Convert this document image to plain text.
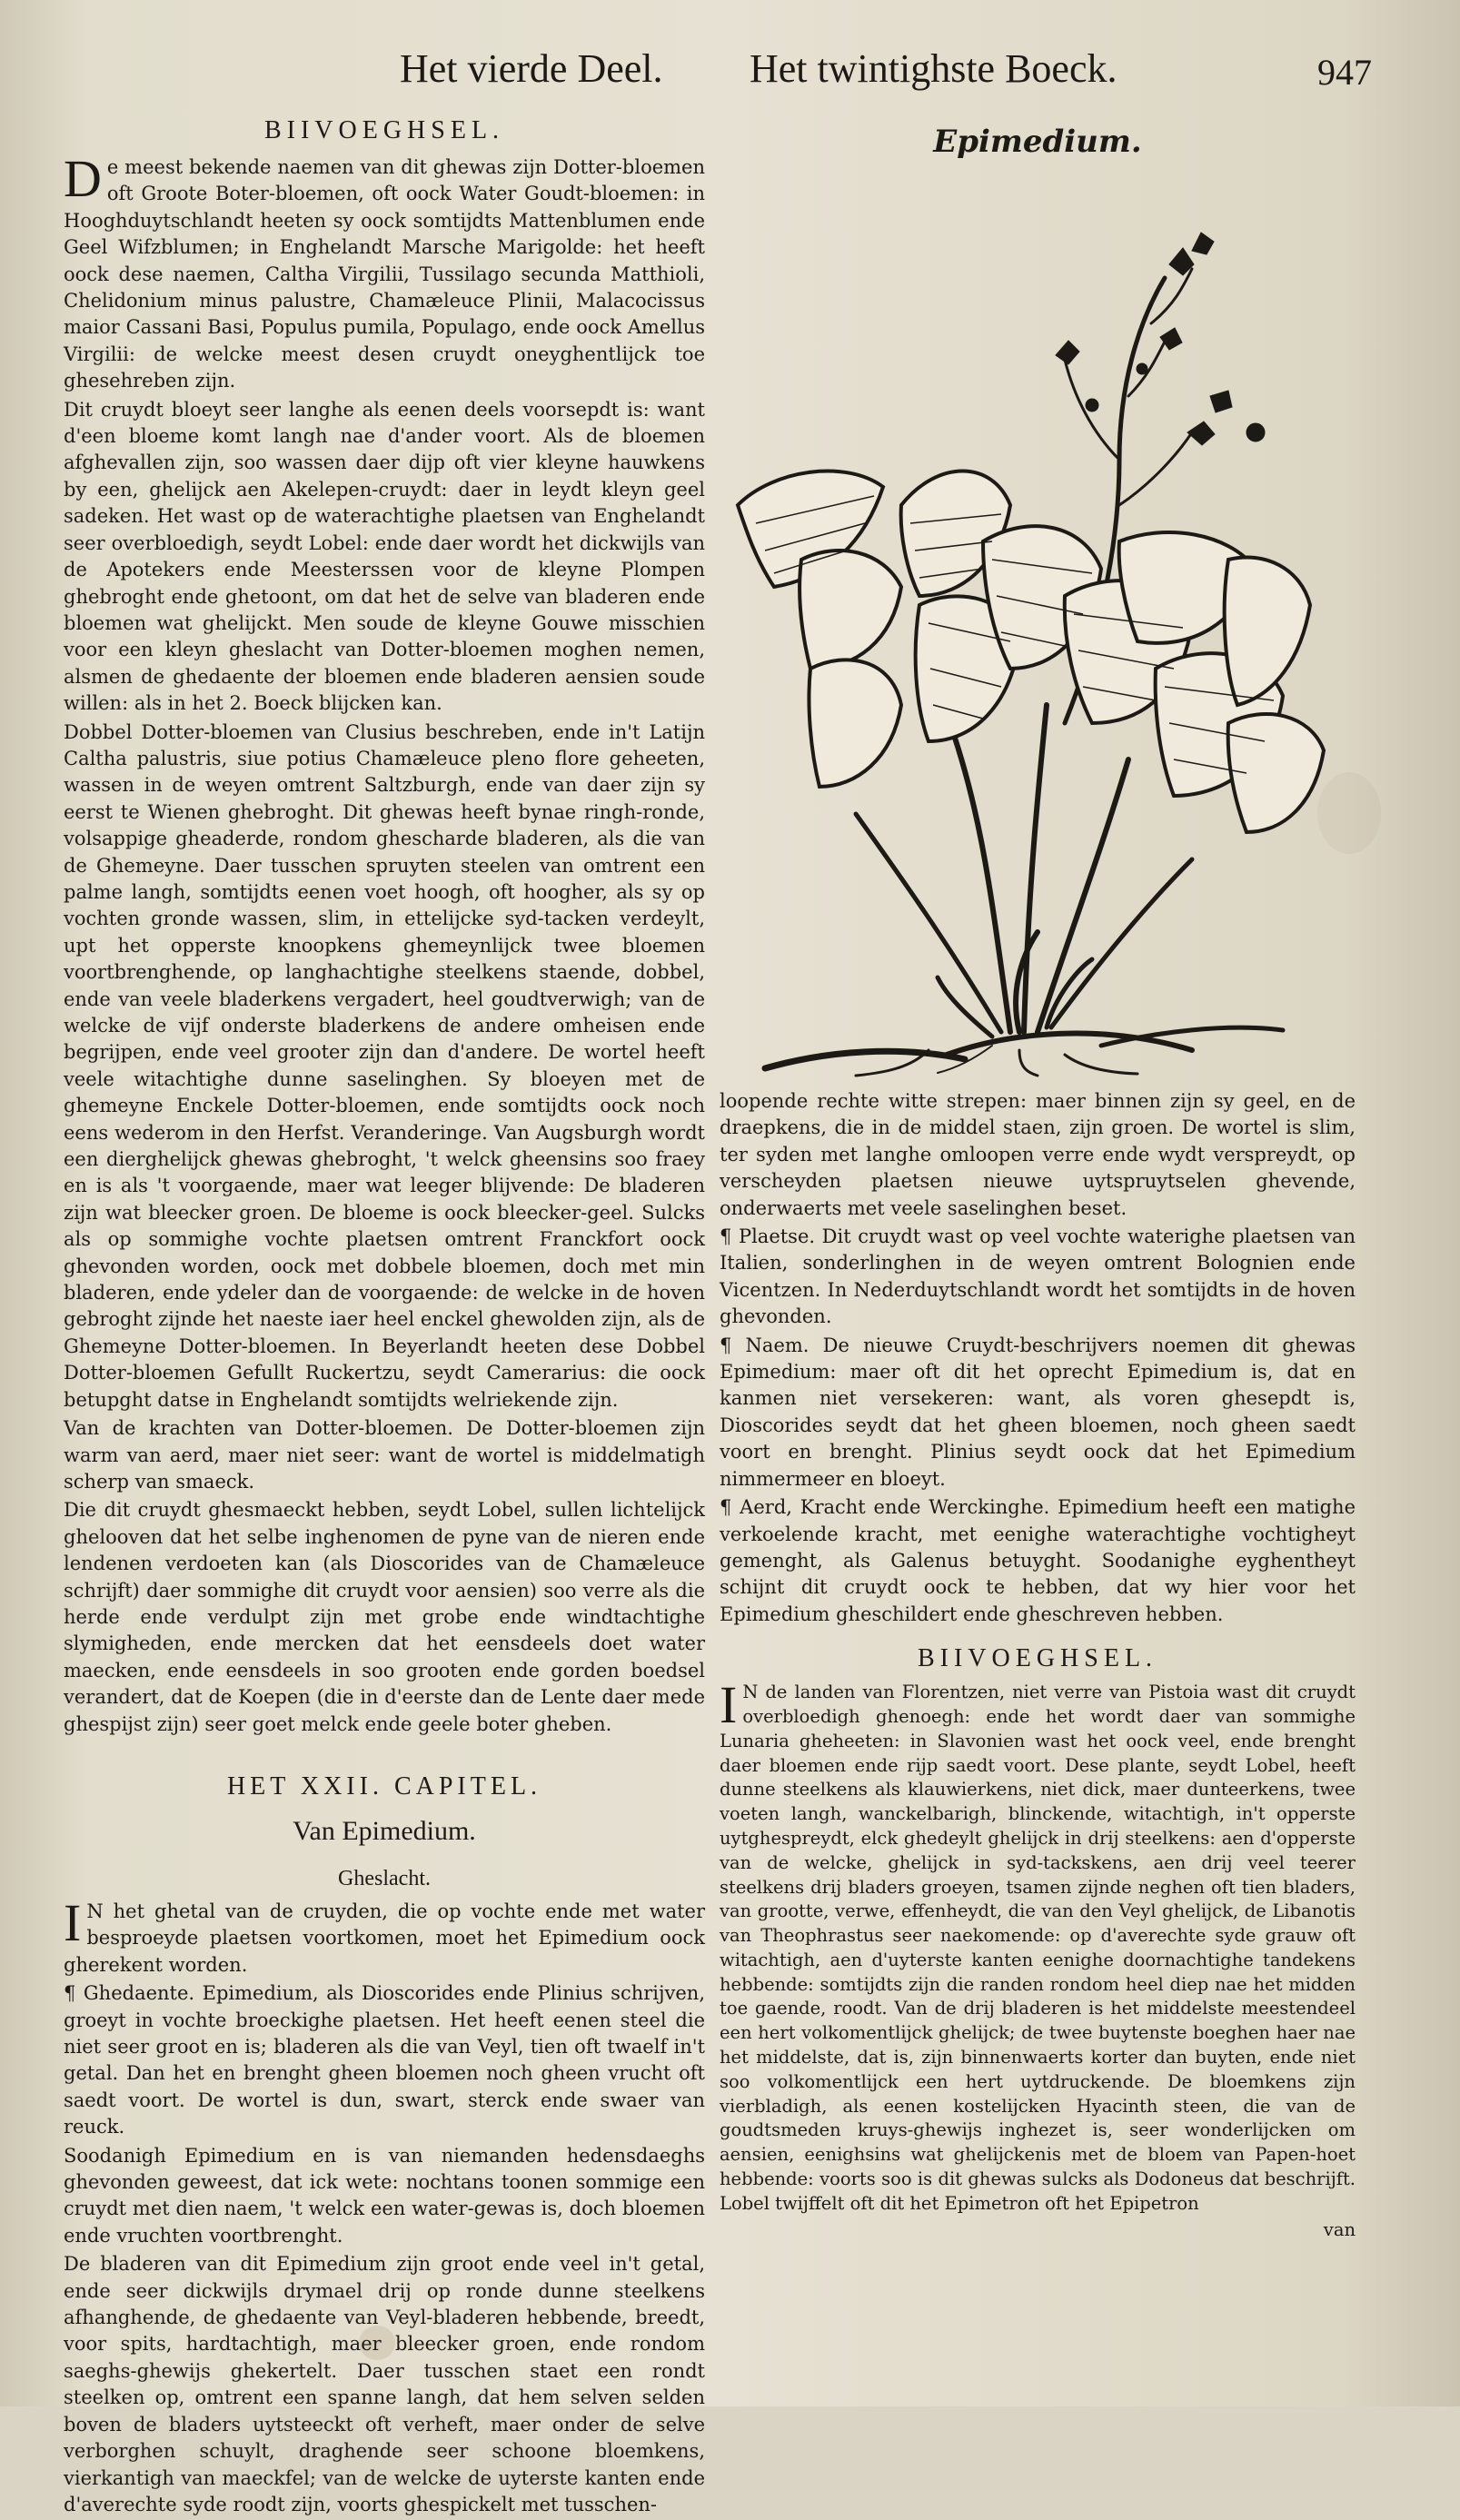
Het vierde Deel. Het twintighste Boeck.	947
BIIVOEGHSEL.

De meest bekende naemen van dit ghewas zijn Dotter-bloemen oft Groote Boter-bloemen, oft oock Water Goudt-bloemen: in Hooghduytschlandt heeten sy oock somtijdts Mattenblumen ende Geel Wifzblumen; in Enghelandt Marsche Marigolde: het heeft oock dese naemen, Caltha Virgilii, Tussilago secunda Matthioli, Chelidonium minus palustre, Chamæleuce Plinii, Malacocissus maior Cassani Basi, Populus pumila, Populago, ende oock Amellus Virgilii: de welcke meest desen cruydt oneyghentlijck toe ghesehreben zijn.

Dit cruydt bloeyt seer langhe als eenen deels voorsepdt is: want d'een bloeme komt langh nae d'ander voort. Als de bloemen afghevallen zijn, soo wassen daer dijp oft vier kleyne hauwkens by een, ghelijck aen Akelepen-cruydt: daer in leydt kleyn geel sadeken. Het wast op de waterachtighe plaetsen van Enghelandt seer overbloedigh, seydt Lobel: ende daer wordt het dickwijls van de Apotekers ende Meesterssen voor de kleyne Plompen ghebroght ende ghetoont, om dat het de selve van bladeren ende bloemen wat ghelijckt. Men soude de kleyne Gouwe misschien voor een kleyn gheslacht van Dotter-bloemen moghen nemen, alsmen de ghedaente der bloemen ende bladeren aensien soude willen: als in het 2. Boeck blijcken kan.

Dobbel Dotter-bloemen van Clusius beschreben, ende in't Latijn Caltha palustris, siue potius Chamæleuce pleno flore geheeten, wassen in de weyen omtrent Saltzburgh, ende van daer zijn sy eerst te Wienen ghebroght. Dit ghewas heeft bynae ringh-ronde, volsappige gheaderde, rondom ghescharde bladeren, als die van de Ghemeyne. Daer tusschen spruyten steelen van omtrent een palme langh, somtijdts eenen voet hoogh, oft hoogher, als sy op vochten gronde wassen, slim, in ettelijcke syd-tacken verdeylt, upt het opperste knoopkens ghemeynlijck twee bloemen voortbrenghende, op langhachtighe steelkens staende, dobbel, ende van veele bladerkens vergadert, heel goudtverwigh; van de welcke de vijf onderste bladerkens de andere omheisen ende begrijpen, ende veel grooter zijn dan d'andere. De wortel heeft veele witachtighe dunne saselinghen. Sy bloeyen met de ghemeyne Enckele Dotter-bloemen, ende somtijdts oock noch eens wederom in den Herfst. Veranderinge. Van Augsburgh wordt een dierghelijck ghewas ghebroght, 't welck gheensins soo fraey en is als 't voorgaende, maer wat leeger blijvende: De bladeren zijn wat bleecker groen. De bloeme is oock bleecker-geel. Sulcks als op sommighe vochte plaetsen omtrent Franckfort oock ghevonden worden, oock met dobbele bloemen, doch met min bladeren, ende ydeler dan de voorgaende: de welcke in de hoven gebroght zijnde het naeste iaer heel enckel ghewolden zijn, als de Ghemeyne Dotter-bloemen. In Beyerlandt heeten dese Dobbel Dotter-bloemen Gefullt Ruckertzu, seydt Camerarius: die oock betupght datse in Enghelandt somtijdts welriekende zijn.

Van de krachten van Dotter-bloemen. De Dotter-bloemen zijn warm van aerd, maer niet seer: want de wortel is middelmatigh scherp van smaeck.

Die dit cruydt ghesmaeckt hebben, seydt Lobel, sullen lichtelijck ghelooven dat het selbe inghenomen de pyne van de nieren ende lendenen verdoeten kan (als Dioscorides van de Chamæleuce schrijft) daer sommighe dit cruydt voor aensien) soo verre als die herde ende verdulpt zijn met grobe ende windtachtighe slymigheden, ende mercken dat het eensdeels doet water maecken, ende eensdeels in soo grooten ende gorden boedsel verandert, dat de Koepen (die in d'eerste dan de Lente daer mede ghespijst zijn) seer goet melck ende geele boter gheben.

HET XXII. CAPITEL.
Van Epimedium.
Gheslacht.

I N het ghetal van de cruyden, die op vochte ende met water besproeyde plaetsen voortkomen, moet het Epimedium oock gherekent worden.

¶ Ghedaente. Epimedium, als Dioscorides ende Plinius schrijven, groeyt in vochte broeckighe plaetsen. Het heeft eenen steel die niet seer groot en is; bladeren als die van Veyl, tien oft twaelf in't getal. Dan het en brenght gheen bloemen noch gheen vrucht oft saedt voort. De wortel is dun, swart, sterck ende swaer van reuck.

Soodanigh Epimedium en is van niemanden hedensdaeghs ghevonden geweest, dat ick wete: nochtans toonen sommige een cruydt met dien naem, 't welck een water-gewas is, doch bloemen ende vruchten voortbrenght.

De bladeren van dit Epimedium zijn groot ende veel in't getal, ende seer dickwijls drymael drij op ronde dunne steelkens afhanghende, de ghedaente van Veyl-bladeren hebbende, breedt, voor spits, hardtachtigh, maer bleecker groen, ende rondom saeghs-ghewijs ghekertelt. Daer tusschen staet een rondt steelken op, omtrent een spanne langh, dat hem selven selden boven de bladers uytsteeckt oft verheft, maer onder de selve verborghen schuylt, draghende seer schoone bloemkens, vierkantigh van maeckfel; van de welcke de uyterste kanten ende d'averechte syde roodt zijn, voorts ghespickelt met tusschen-

Epimedium.

loopende rechte witte strepen: maer binnen zijn sy geel, en de draepkens, die in de middel staen, zijn groen. De wortel is slim, ter syden met langhe omloopen verre ende wydt verspreydt, op verscheyden plaetsen nieuwe uytspruytselen ghevende, onderwaerts met veele saselinghen beset.

¶ Plaetse. Dit cruydt wast op veel vochte waterighe plaetsen van Italien, sonderlinghen in de weyen omtrent Bolognien ende Vicentzen. In Nederduytschlandt wordt het somtijdts in de hoven ghevonden.

¶ Naem. De nieuwe Cruydt-beschrijvers noemen dit ghewas Epimedium: maer oft dit het oprecht Epimedium is, dat en kanmen niet versekeren: want, als voren ghesepdt is, Dioscorides seydt dat het gheen bloemen, noch gheen saedt voort en brenght. Plinius seydt oock dat het Epimedium nimmermeer en bloeyt.

¶ Aerd, Kracht ende Werckinghe. Epimedium heeft een matighe verkoelende kracht, met eenighe waterachtighe vochtigheyt gemenght, als Galenus betuyght. Soodanighe eyghentheyt schijnt dit cruydt oock te hebben, dat wy hier voor het Epimedium gheschildert ende gheschreven hebben.

BIIVOEGHSEL.

I N de landen van Florentzen, niet verre van Pistoia wast dit cruydt overbloedigh ghenoegh: ende het wordt daer van sommighe Lunaria gheheeten: in Slavonien wast het oock veel, ende brenght daer bloemen ende rijp saedt voort. Dese plante, seydt Lobel, heeft dunne steelkens als klauwierkens, niet dick, maer dunteerkens, twee voeten langh, wanckelbarigh, blinckende, witachtigh, in't opperste uytghespreydt, elck ghedeylt ghelijck in drij steelkens: aen d'opperste van de welcke, ghelijck in syd-tackskens, aen drij veel teerer steelkens drij bladers groeyen, tsamen zijnde neghen oft tien bladers, van grootte, verwe, effenheydt, die van den Veyl ghelijck, de Libanotis van Theophrastus seer naekomende: op d'averechte syde grauw oft witachtigh, aen d'uyterste kanten eenighe doornachtighe tandekens hebbende: somtijdts zijn die randen rondom heel diep nae het midden toe gaende, roodt. Van de drij bladeren is het middelste meestendeel een hert volkomentlijck ghelijck; de twee buytenste boeghen haer nae het middelste, dat is, zijn binnenwaerts korter dan buyten, ende niet soo volkomentlijck een hert uytdruckende. De bloemkens zijn vierbladigh, als eenen kostelijcken Hyacinth steen, die van de goudtsmeden kruys-ghewijs inghezet is, seer wonderlijcken om aensien, eenighsins wat ghelijckenis met de bloem van Papen-hoet hebbende: voorts soo is dit ghewas sulcks als Dodoneus dat beschrijft. Lobel twijffelt oft dit het Epimetron oft het Epipetron

van
